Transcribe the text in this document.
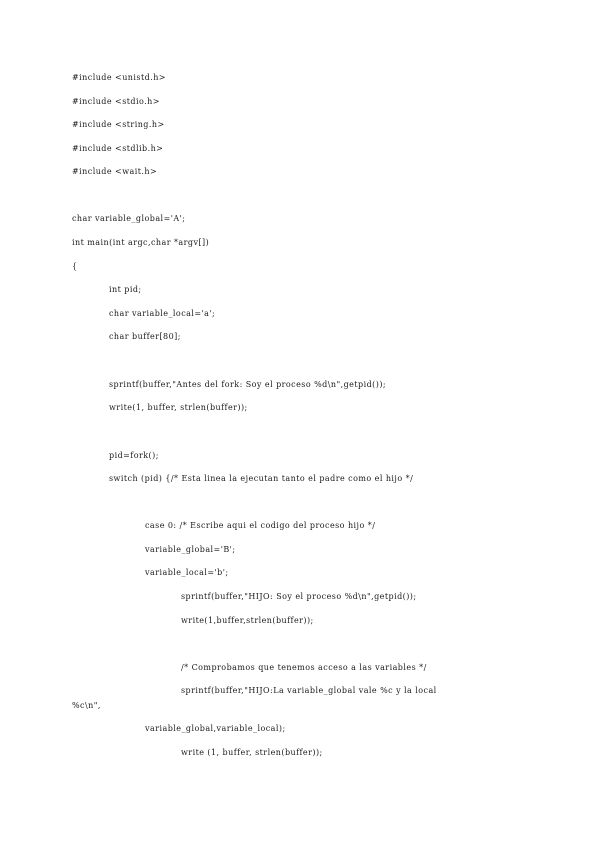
#include <unistd.h>
#include <stdio.h>
#include <string.h>
#include <stdlib.h>
#include <wait.h>
char variable_global='A';
int main(int argc,char *argv[])
{
int pid;
char variable_local='a';
char buffer[80];
sprintf(buffer,"Antes del fork: Soy el proceso %d\n",getpid());
write(1, buffer, strlen(buffer));
pid=fork();
switch (pid) {/* Esta linea la ejecutan tanto el padre como el hijo */
case 0: /* Escribe aqui el codigo del proceso hijo */
variable_global='B';
variable_local='b';
sprintf(buffer,"HIJO: Soy el proceso %d\n",getpid());
write(1,buffer,strlen(buffer));
/* Comprobamos que tenemos acceso a las variables */
sprintf(buffer,"HIJO:La variable_global vale %c y la local
%c\n",
variable_global,variable_local);
write (1, buffer, strlen(buffer));
